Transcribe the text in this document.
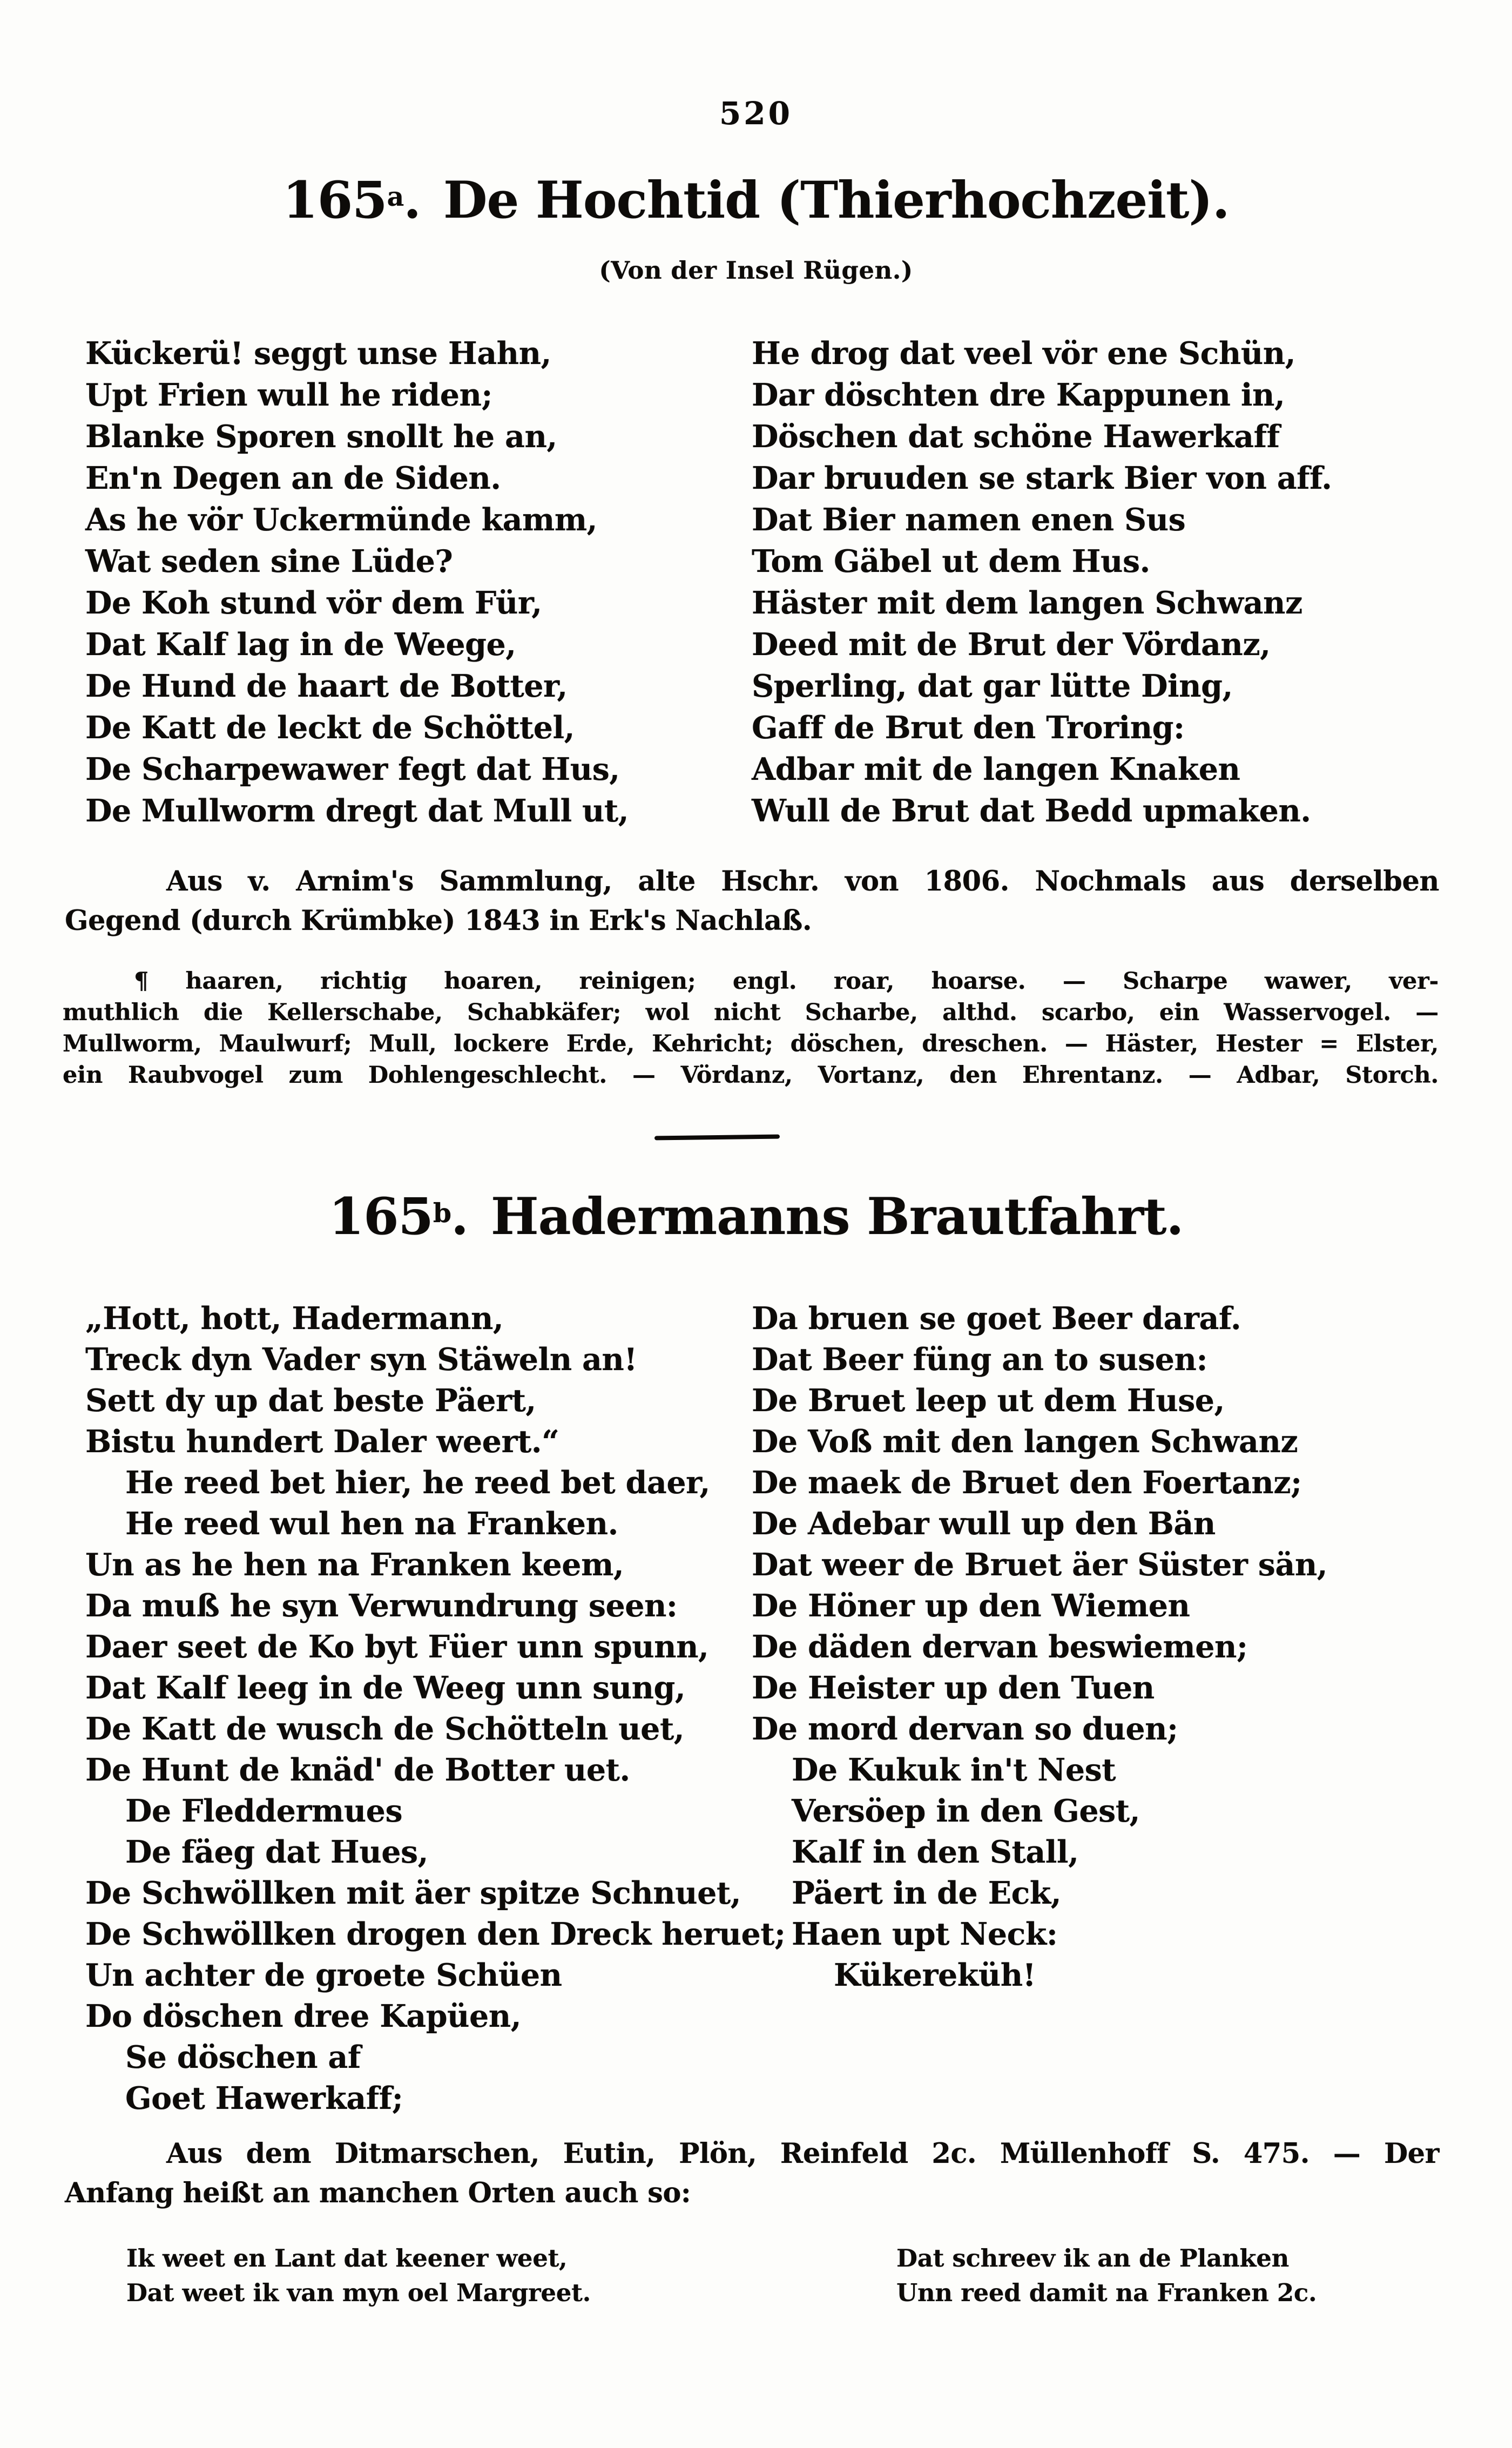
520
165$^a$. De Hochtid (Thierhochzeit).
(Von der Insel Rügen.)
Kückerü! seggt unse Hahn,
Upt Frien wull he riden;
Blanke Sporen snollt he an,
En'n Degen an de Siden.
As he vör Uckermünde kamm,
Wat seden sine Lüde?
De Koh stund vör dem Für,
Dat Kalf lag in de Weege,
De Hund de haart de Botter,
De Katt de leckt de Schöttel,
De Scharpewawer fegt dat Hus,
De Mullworm dregt dat Mull ut,
He drog dat veel vör ene Schün,
Dar döschten dre Kappunen in,
Döschen dat schöne Hawerkaff
Dar bruuden se stark Bier von aff.
Dat Bier namen enen Sus
Tom Gäbel ut dem Hus.
Häster mit dem langen Schwanz
Deed mit de Brut der Vördanz,
Sperling, dat gar lütte Ding,
Gaff de Brut den Troring:
Adbar mit de langen Knaken
Wull de Brut dat Bedd upmaken.
Aus v. Arnim's Sammlung, alte Hschr. von 1806. Nochmals aus derselben
Gegend (durch Krümbke) 1843 in Erk's Nachlaß.
¶ haaren, richtig hoaren, reinigen; engl. roar, hoarse. — Scharpe wawer, ver-
muthlich die Kellerschabe, Schabkäfer; wol nicht Scharbe, althd. scarbo, ein Wasservogel. —
Mullworm, Maulwurf; Mull, lockere Erde, Kehricht; döschen, dreschen. — Häster, Hester = Elster,
ein Raubvogel zum Dohlengeschlecht. — Vördanz, Vortanz, den Ehrentanz. — Adbar, Storch.
165$^b$. Hadermanns Brautfahrt.
„Hott, hott, Hadermann,
Treck dyn Vader syn Stäweln an!
Sett dy up dat beste Päert,
Bistu hundert Daler weert.“
He reed bet hier, he reed bet daer,
He reed wul hen na Franken.
Un as he hen na Franken keem,
Da muß he syn Verwundrung seen:
Daer seet de Ko byt Füer unn spunn,
Dat Kalf leeg in de Weeg unn sung,
De Katt de wusch de Schötteln uet,
De Hunt de knäd' de Botter uet.
De Fleddermues
De fäeg dat Hues,
De Schwöllken mit äer spitze Schnuet,
De Schwöllken drogen den Dreck heruet;
Un achter de groete Schüen
Do döschen dree Kapüen,
Se döschen af
Goet Hawerkaff;
Da bruen se goet Beer daraf.
Dat Beer füng an to susen:
De Bruet leep ut dem Huse,
De Voß mit den langen Schwanz
De maek de Bruet den Foertanz;
De Adebar wull up den Bän
Dat weer de Bruet äer Süster sän,
De Höner up den Wiemen
De däden dervan beswiemen;
De Heister up den Tuen
De mord dervan so duen;
De Kukuk in't Nest
Versöep in den Gest,
Kalf in den Stall,
Päert in de Eck,
Haen upt Neck:
Kükereküh!
Aus dem Ditmarschen, Eutin, Plön, Reinfeld 2c. Müllenhoff S. 475. — Der
Anfang heißt an manchen Orten auch so:
Ik weet en Lant dat keener weet,
Dat weet ik van myn oel Margreet.
Dat schreev ik an de Planken
Unn reed damit na Franken 2c.
